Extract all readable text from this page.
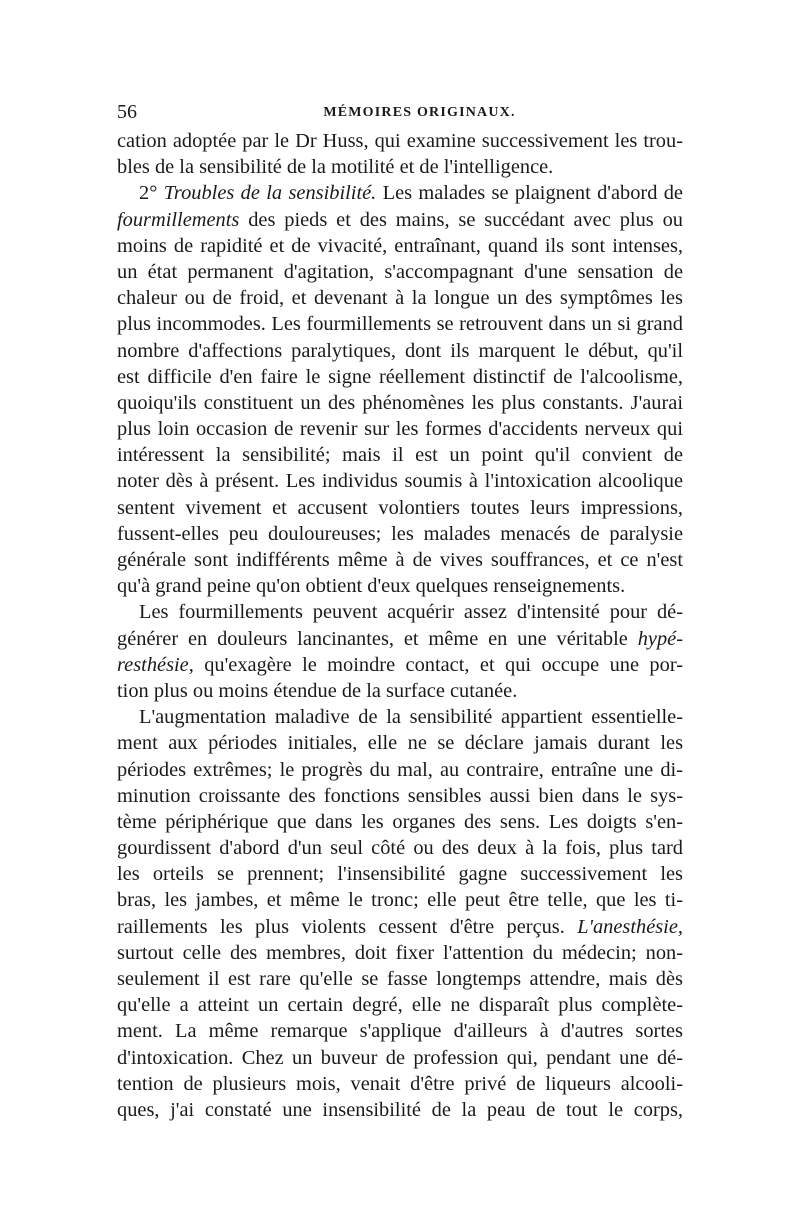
56	MÉMOIRES ORIGINAUX.
cation adoptée par le Dr Huss, qui examine successivement les trou-
bles de la sensibilité de la motilité et de l'intelligence.
2° Troubles de la sensibilité. Les malades se plaignent d'abord de
fourmillements des pieds et des mains, se succédant avec plus ou
moins de rapidité et de vivacité, entraînant, quand ils sont intenses,
un état permanent d'agitation, s'accompagnant d'une sensation de
chaleur ou de froid, et devenant à la longue un des symptômes les
plus incommodes. Les fourmillements se retrouvent dans un si grand
nombre d'affections paralytiques, dont ils marquent le début, qu'il
est difficile d'en faire le signe réellement distinctif de l'alcoolisme,
quoiqu'ils constituent un des phénomènes les plus constants. J'aurai
plus loin occasion de revenir sur les formes d'accidents nerveux qui
intéressent la sensibilité; mais il est un point qu'il convient de
noter dès à présent. Les individus soumis à l'intoxication alcoolique
sentent vivement et accusent volontiers toutes leurs impressions,
fussent-elles peu douloureuses; les malades menacés de paralysie
générale sont indifférents même à de vives souffrances, et ce n'est
qu'à grand peine qu'on obtient d'eux quelques renseignements.
Les fourmillements peuvent acquérir assez d'intensité pour dé-
générer en douleurs lancinantes, et même en une véritable hypé-
resthésie, qu'exagère le moindre contact, et qui occupe une por-
tion plus ou moins étendue de la surface cutanée.
L'augmentation maladive de la sensibilité appartient essentielle-
ment aux périodes initiales, elle ne se déclare jamais durant les
périodes extrêmes; le progrès du mal, au contraire, entraîne une di-
minution croissante des fonctions sensibles aussi bien dans le sys-
tème périphérique que dans les organes des sens. Les doigts s'en-
gourdissent d'abord d'un seul côté ou des deux à la fois, plus tard
les orteils se prennent; l'insensibilité gagne successivement les
bras, les jambes, et même le tronc; elle peut être telle, que les ti-
raillements les plus violents cessent d'être perçus. L'anesthésie,
surtout celle des membres, doit fixer l'attention du médecin; non-
seulement il est rare qu'elle se fasse longtemps attendre, mais dès
qu'elle a atteint un certain degré, elle ne disparaît plus complète-
ment. La même remarque s'applique d'ailleurs à d'autres sortes
d'intoxication. Chez un buveur de profession qui, pendant une dé-
tention de plusieurs mois, venait d'être privé de liqueurs alcooli-
ques, j'ai constaté une insensibilité de la peau de tout le corps,
